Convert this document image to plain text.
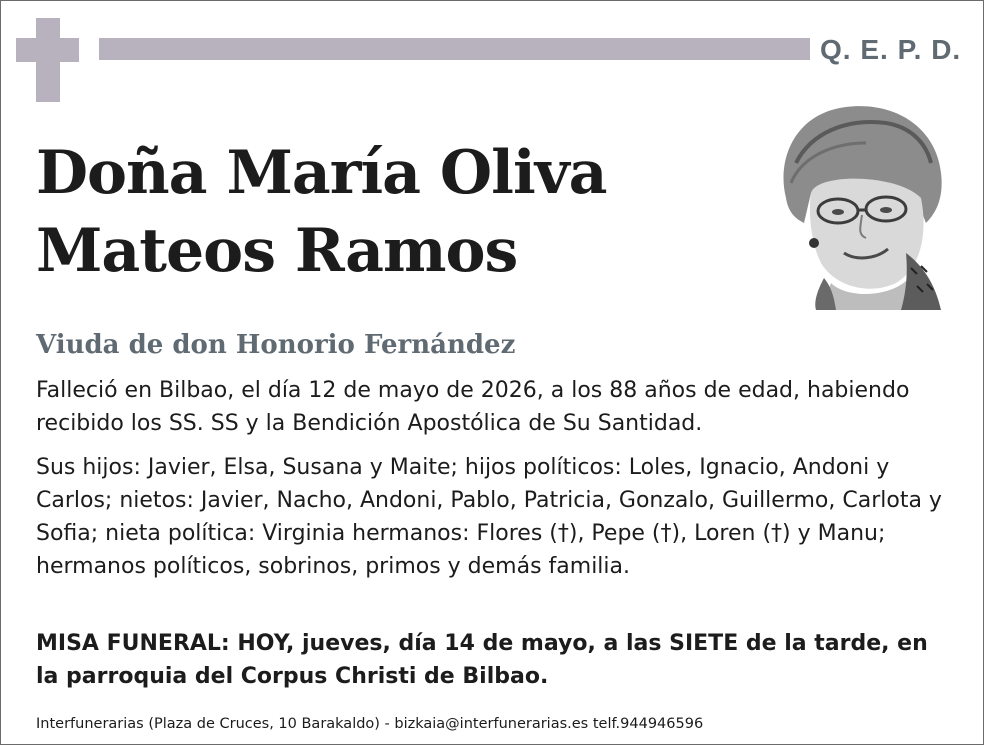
Q. E. P. D.
Doña María Oliva
Mateos Ramos
Viuda de don Honorio Fernández
Falleció en Bilbao, el día 12 de mayo de 2026, a los 88 años de edad, habiendo recibido los SS. SS y la Bendición Apostólica de Su Santidad.
Sus hijos: Javier, Elsa, Susana y Maite; hijos políticos: Loles, Ignacio, Andoni y Carlos; nietos: Javier, Nacho, Andoni, Pablo, Patricia, Gonzalo, Guillermo, Carlota y Sofia; nieta política: Virginia hermanos: Flores (†), Pepe (†), Loren (†) y Manu; hermanos políticos, sobrinos, primos y demás familia.
MISA FUNERAL: HOY, jueves, día 14 de mayo, a las SIETE de la tarde, en la parroquia del Corpus Christi de Bilbao.
Interfunerarias (Plaza de Cruces, 10 Barakaldo) - bizkaia@interfunerarias.es telf.944946596
